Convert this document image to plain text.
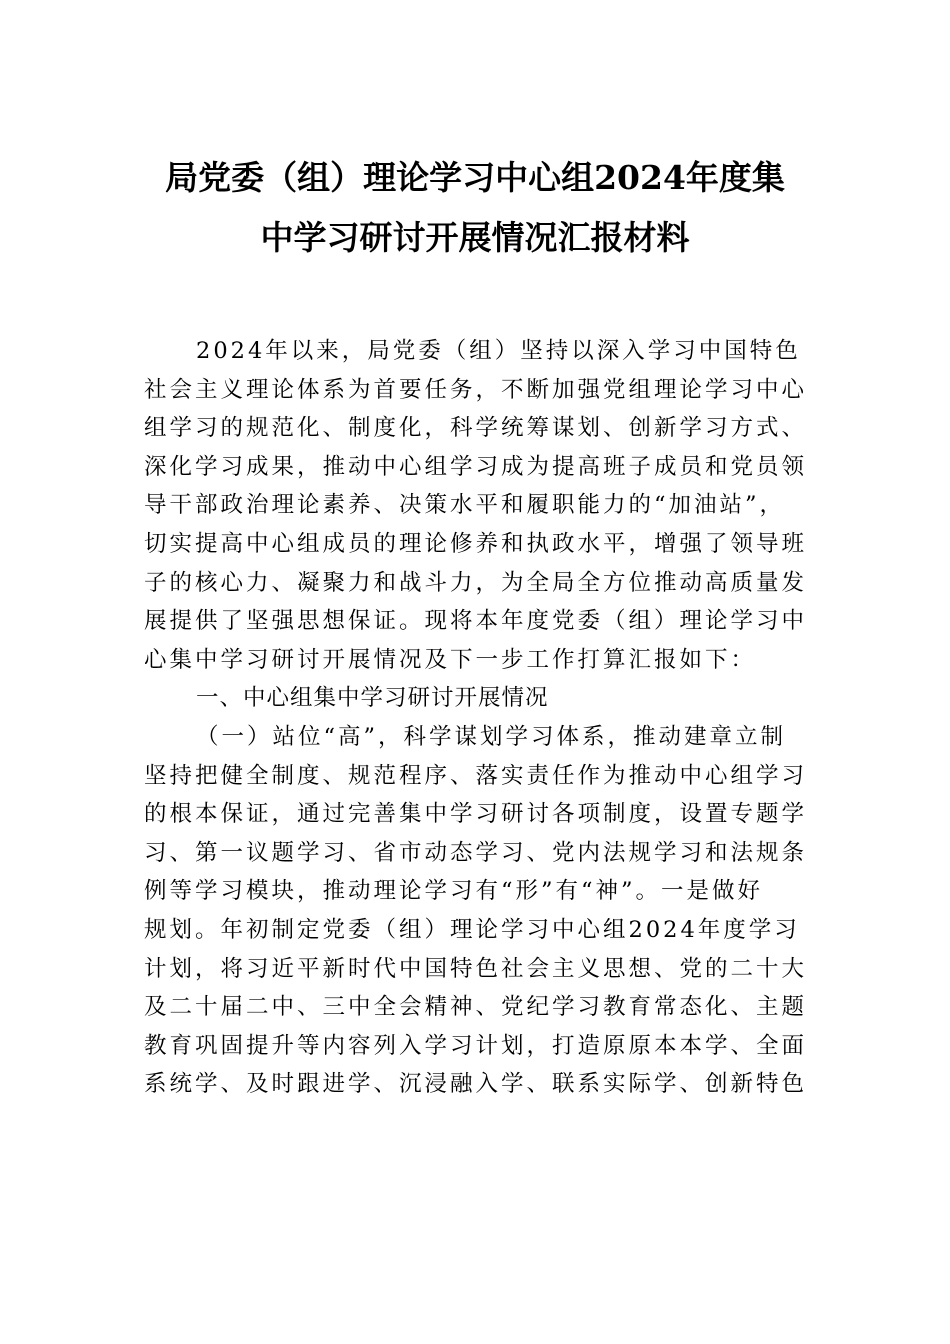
局党委（组）理论学习中心组2024年度集
中学习研讨开展情况汇报材料
2024年以来，局党委（组）坚持以深入学习中国特色
社会主义理论体系为首要任务，不断加强党组理论学习中心
组学习的规范化、制度化，科学统筹谋划、创新学习方式、
深化学习成果，推动中心组学习成为提高班子成员和党员领
导干部政治理论素养、决策水平和履职能力的“加油站”，
切实提高中心组成员的理论修养和执政水平，增强了领导班
子的核心力、凝聚力和战斗力，为全局全方位推动高质量发
展提供了坚强思想保证。现将本年度党委（组）理论学习中
心集中学习研讨开展情况及下一步工作打算汇报如下：
一、中心组集中学习研讨开展情况
（一）站位“高”，科学谋划学习体系，推动建章立制
坚持把健全制度、规范程序、落实责任作为推动中心组学习
的根本保证，通过完善集中学习研讨各项制度，设置专题学
习、第一议题学习、省市动态学习、党内法规学习和法规条
例等学习模块，推动理论学习有“形”有“神”。一是做好
规划。年初制定党委（组）理论学习中心组2024年度学习
计划，将习近平新时代中国特色社会主义思想、党的二十大
及二十届二中、三中全会精神、党纪学习教育常态化、主题
教育巩固提升等内容列入学习计划，打造原原本本学、全面
系统学、及时跟进学、沉浸融入学、联系实际学、创新特色
